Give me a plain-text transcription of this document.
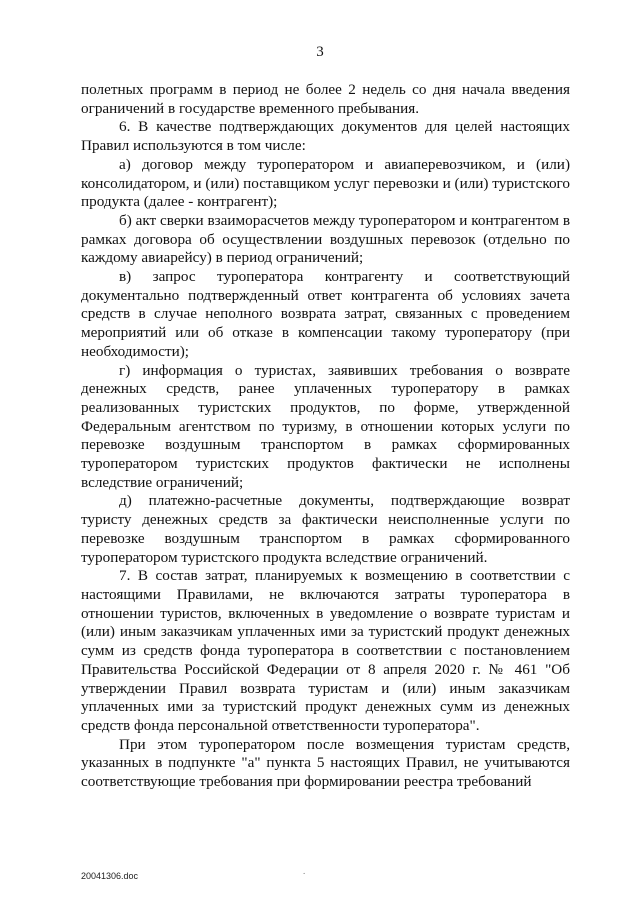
3

полетных программ в период не более 2 недель со дня начала введения ограничений в государстве временного пребывания.

6. В качестве подтверждающих документов для целей настоящих Правил используются в том числе:

а) договор между туроператором и авиаперевозчиком, и (или) консолидатором, и (или) поставщиком услуг перевозки и (или) туристского продукта (далее - контрагент);

б) акт сверки взаиморасчетов между туроператором и контрагентом в рамках договора об осуществлении воздушных перевозок (отдельно по каждому авиарейсу) в период ограничений;

в) запрос туроператора контрагенту и соответствующий документально подтвержденный ответ контрагента об условиях зачета средств в случае неполного возврата затрат, связанных с проведением мероприятий или об отказе в компенсации такому туроператору (при необходимости);

г) информация о туристах, заявивших требования о возврате денежных средств, ранее уплаченных туроператору в рамках реализованных туристских продуктов, по форме, утвержденной Федеральным агентством по туризму, в отношении которых услуги по перевозке воздушным транспортом в рамках сформированных туроператором туристских продуктов фактически не исполнены вследствие ограничений;

д) платежно-расчетные документы, подтверждающие возврат туристу денежных средств за фактически неисполненные услуги по перевозке воздушным транспортом в рамках сформированного туроператором туристского продукта вследствие ограничений.

7. В состав затрат, планируемых к возмещению в соответствии с настоящими Правилами, не включаются затраты туроператора в отношении туристов, включенных в уведомление о возврате туристам и (или) иным заказчикам уплаченных ими за туристский продукт денежных сумм из средств фонда туроператора в соответствии с постановлением Правительства Российской Федерации от 8 апреля 2020 г. № 461 "Об утверждении Правил возврата туристам и (или) иным заказчикам уплаченных ими за туристский продукт денежных сумм из денежных средств фонда персональной ответственности туроператора".

При этом туроператором после возмещения туристам средств, указанных в подпункте "а" пункта 5 настоящих Правил, не учитываются соответствующие требования при формировании реестра требований

20041306.doc	.
